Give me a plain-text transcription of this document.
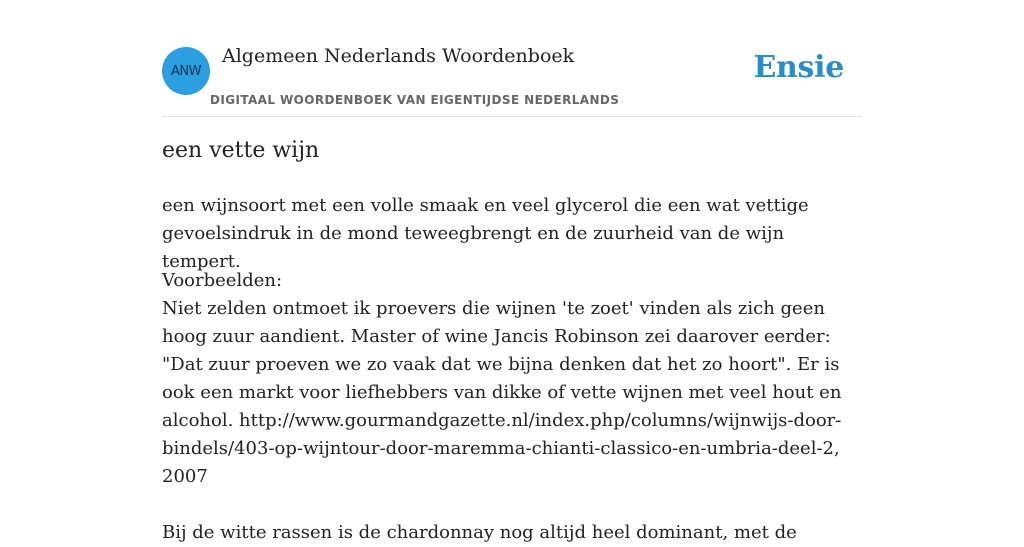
ANW
Algemeen Nederlands Woordenboek
DIGITAAL WOORDENBOEK VAN EIGENTIJDSE NEDERLANDS
Ensie
een vette wijn

een wijnsoort met een volle smaak en veel glycerol die een wat vettige gevoelsindruk in de mond teweegbrengt en de zuurheid van de wijn tempert.

Voorbeelden:

Niet zelden ontmoet ik proevers die wijnen 'te zoet' vinden als zich geen hoog zuur aandient. Master of wine Jancis Robinson zei daarover eerder: "Dat zuur proeven we zo vaak dat we bijna denken dat het zo hoort". Er is ook een markt voor liefhebbers van dikke of vette wijnen met veel hout en alcohol. http://www.gourmandgazette.nl/index.php/columns/wijnwijs-door-bindels/403-op-wijntour-door-maremma-chianti-classico-en-umbria-deel-2, 2007

Bij de witte rassen is de chardonnay nog altijd heel dominant, met de
